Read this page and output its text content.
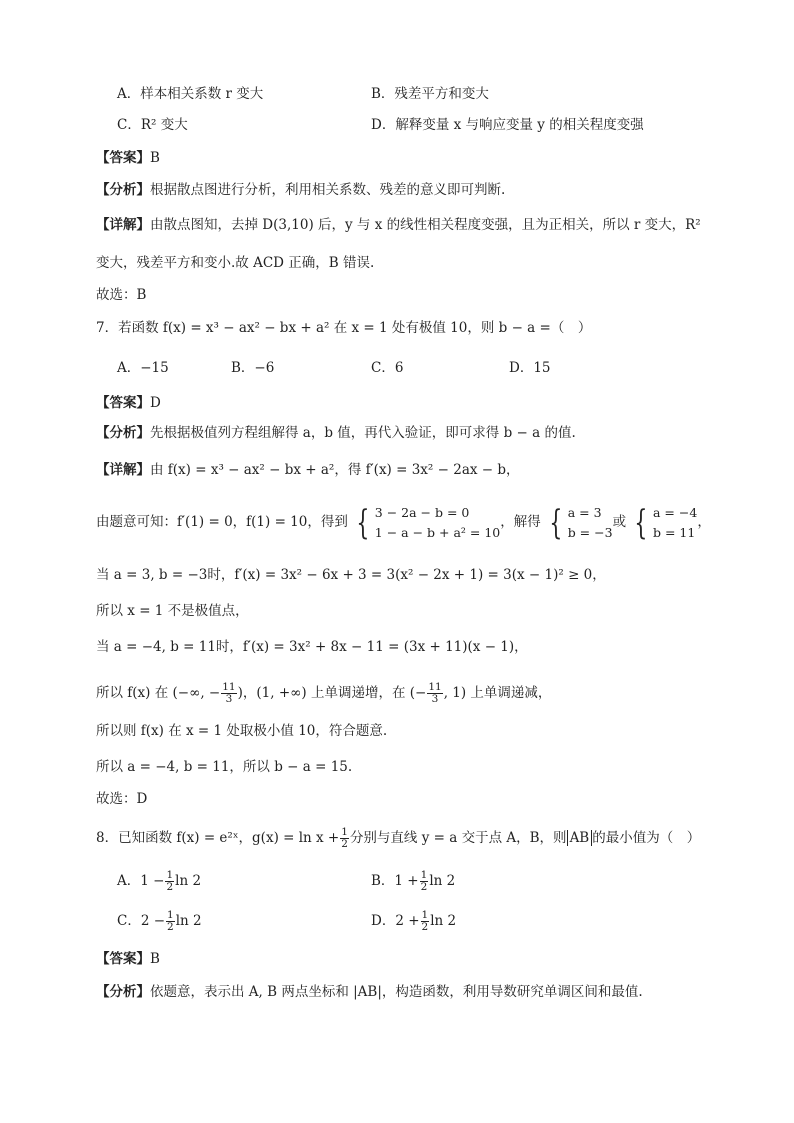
A．样本相关系数 r 变大	B．残差平方和变大
C．R² 变大	D．解释变量 x 与响应变量 y 的相关程度变强
【答案】B
【分析】根据散点图进行分析，利用相关系数、残差的意义即可判断.
【详解】由散点图知，去掉 D(3,10) 后，y 与 x 的线性相关程度变强，且为正相关，所以 r 变大，R²
变大，残差平方和变小.故 ACD 正确，B 错误.
故选：B
7．若函数 f(x) = x³ − ax² − bx + a² 在 x = 1 处有极值 10，则 b − a =（　）
A．−15	B．−6	C．6	D．15
【答案】D
【分析】先根据极值列方程组解得 a，b 值，再代入验证，即可求得 b − a 的值.
【详解】由 f(x) = x³ − ax² − bx + a²，得 f′(x) = 3x² − 2ax − b，
由题意可知：f′(1) = 0，f(1) = 10，得到 { 3 − 2a − b = 0
1 − a − b + a² = 10
，解得 { a = 3
b = −3
或 { a = −4
b = 11
，
当 a = 3, b = −3时，f′(x) = 3x² − 6x + 3 = 3(x² − 2x + 1) = 3(x − 1)² ≥ 0，
所以 x = 1 不是极值点，
当 a = −4, b = 11时，f′(x) = 3x² + 8x − 11 = (3x + 11)(x − 1)，
所以 f(x) 在 (−∞, − $\frac{11}{3}$ )，(1, +∞) 上单调递增，在 (− $\frac{11}{3}$ , 1) 上单调递减，
所以则 f(x) 在 x = 1 处取极小值 10，符合题意.
所以 a = −4, b = 11，所以 b − a = 15.
故选：D
8．已知函数 f(x) = e²ˣ，$g(x) = \ln x + \frac{1}{2}$ 分别与直线 y = a 交于点 A，B，则 AB 的最小值为（　）
A．$1 - \frac{1}{2}$ ln 2	B．$1 + \frac{1}{2}$ ln 2
C．$2 - \frac{1}{2}$ ln 2	D．$2 + \frac{1}{2}$ ln 2
【答案】B
【分析】依题意，表示出 A, B 两点坐标和 |AB|，构造函数，利用导数研究单调区间和最值.
